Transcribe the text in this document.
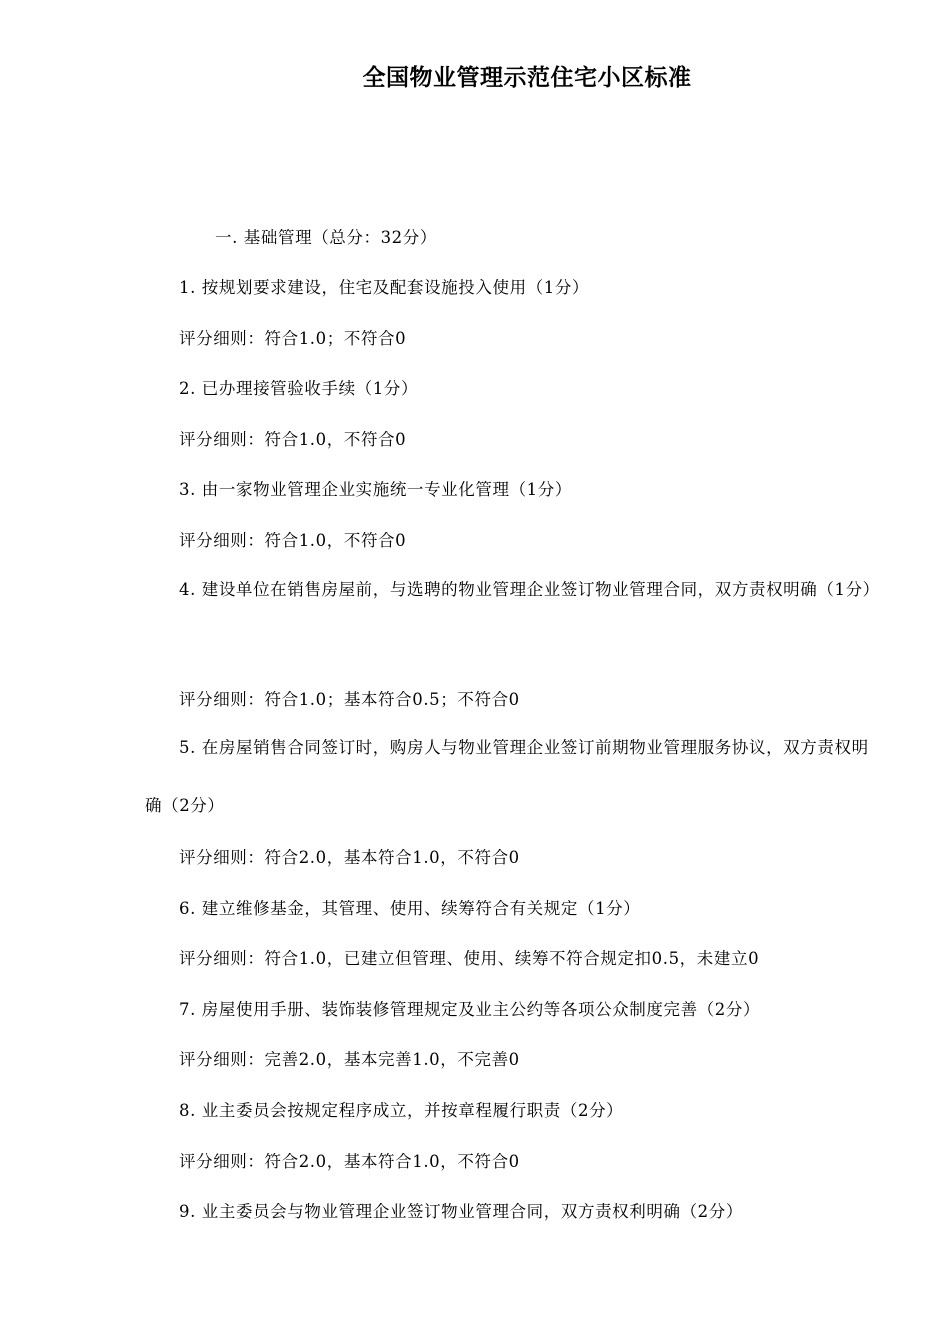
全国物业管理示范住宅小区标准
一. 基础管理（总分：32分）
1. 按规划要求建设，住宅及配套设施投入使用（1分）
评分细则：符合1.0；不符合0
2. 已办理接管验收手续（1分）
评分细则：符合1.0，不符合0
3. 由一家物业管理企业实施统一专业化管理（1分）
评分细则：符合1.0，不符合0
4. 建设单位在销售房屋前，与选聘的物业管理企业签订物业管理合同，双方责权明确（1分）
评分细则：符合1.0；基本符合0.5；不符合0
5. 在房屋销售合同签订时，购房人与物业管理企业签订前期物业管理服务协议，双方责权明确（2分）
评分细则：符合2.0，基本符合1.0，不符合0
6. 建立维修基金，其管理、使用、续筹符合有关规定（1分）
评分细则：符合1.0，已建立但管理、使用、续筹不符合规定扣0.5，未建立0
7. 房屋使用手册、装饰装修管理规定及业主公约等各项公众制度完善（2分）
评分细则：完善2.0，基本完善1.0，不完善0
8. 业主委员会按规定程序成立，并按章程履行职责（2分）
评分细则：符合2.0，基本符合1.0，不符合0
9. 业主委员会与物业管理企业签订物业管理合同，双方责权利明确（2分）
